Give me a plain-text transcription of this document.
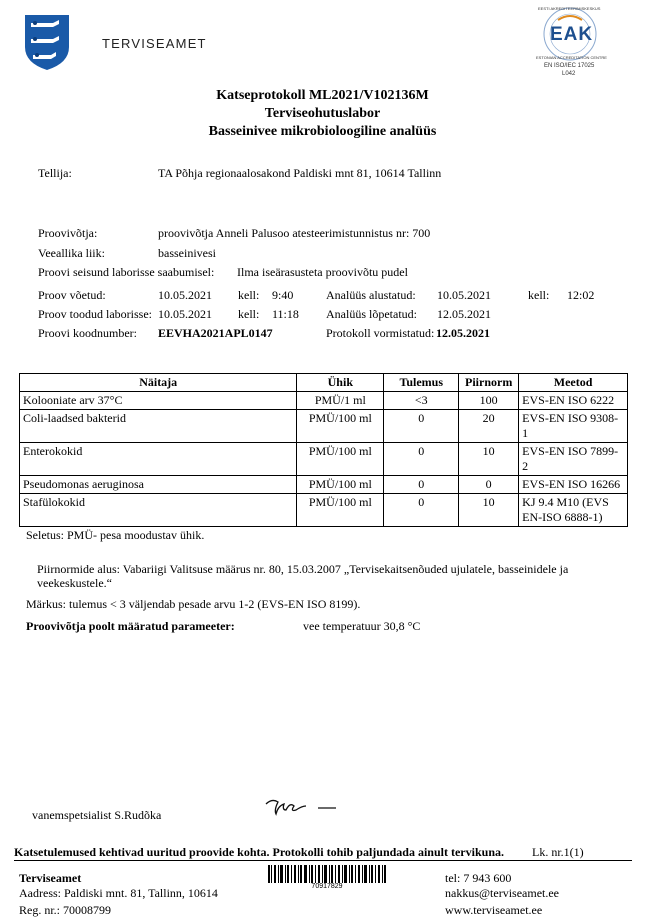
TERVISEAMET	EAK
EESTI AKREDITEERIMISKESKUS
ESTONIAN ACCREDITATION CENTRE
EN ISO/IEC 17025
L042
Katseprotokoll ML2021/V102136M
Terviseohutuslabor
Basseinivee mikrobioloogiline analüüs
Tellija:	TA Põhja regionaalosakond Paldiski mnt 81, 10614 Tallinn
Proovivõtja:	proovivõtja Anneli Palusoo atesteerimistunnistus nr: 700
Veeallika liik:	basseinivesi
Proovi seisund laborisse saabumisel: Ilma iseärasusteta proovivõtu pudel
Proov võetud:	10.05.2021 kell: 9:40	Analüüs alustatud: 10.05.2021	kell: 12:02
Proov toodud laborisse: 10.05.2021 kell: 11:18 Analüüs lõpetatud: 12.05.2021
Proovi koodnumber: EEVHA2021APL0147	Protokoll vormistatud: 12.05.2021
Näitaja	Ühik	Tulemus	Piirnorm	Meetod
Kolooniate arv 37°C	PMÜ/1 ml	<3	100	EVS-EN ISO 6222
Coli-laadsed bakterid	PMÜ/100 ml	0	20	EVS-EN ISO 9308-1
Enterokokid	PMÜ/100 ml	0	10	EVS-EN ISO 7899-2
Pseudomonas aeruginosa	PMÜ/100 ml	0	0	EVS-EN ISO 16266
Stafülokokid	PMÜ/100 ml	0	10	KJ 9.4 M10 (EVS EN-ISO 6888-1)
Seletus: PMÜ- pesa moodustav ühik.
Piirnormide alus: Vabariigi Valitsuse määrus nr. 80, 15.03.2007 „Tervisekaitsenõuded ujulatele, basseinidele ja
veekeskustele.“
Märkus: tulemus < 3 väljendab pesade arvu 1-2 (EVS-EN ISO 8199).
Proovivõtja poolt määratud parameeter:	vee temperatuur 30,8 °C
vanemspetsialist S.Rudõka
Katsetulemused kehtivad uuritud proovide kohta. Protokolli tohib paljundada ainult tervikuna. Lk. nr.1(1)
Terviseamet
Aadress: Paldiski mnt. 81, Tallinn, 10614
Reg. nr.: 70008799
70917829
tel: 7 943 600
nakkus@terviseamet.ee
www.terviseamet.ee
